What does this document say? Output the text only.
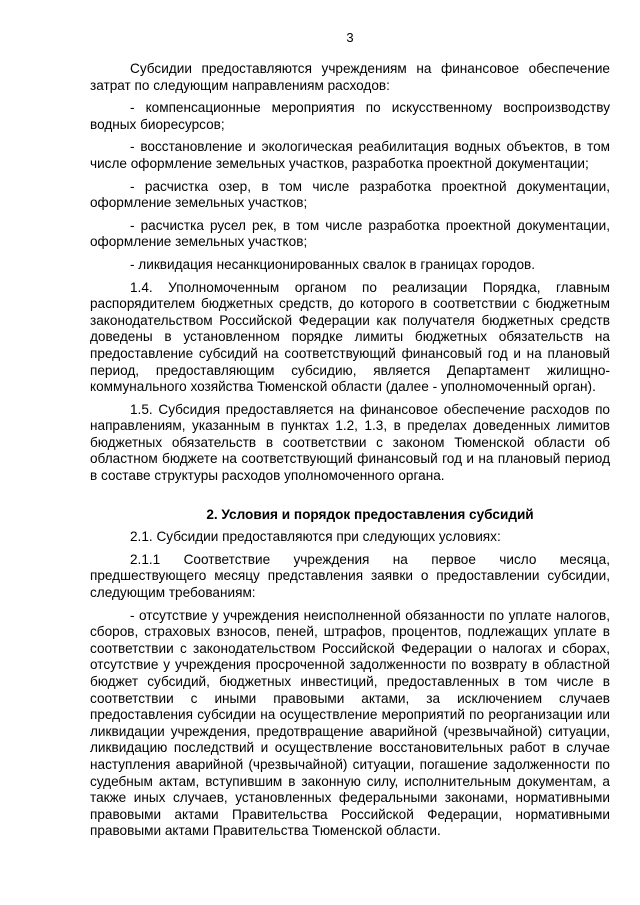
3

Субсидии предоставляются учреждениям на финансовое обеспечение затрат по следующим направлениям расходов:

- компенсационные мероприятия по искусственному воспроизводству водных биоресурсов;

- восстановление и экологическая реабилитация водных объектов, в том числе оформление земельных участков, разработка проектной документации;

- расчистка озер, в том числе разработка проектной документации, оформление земельных участков;

- расчистка русел рек, в том числе разработка проектной документации, оформление земельных участков;

- ликвидация несанкционированных свалок в границах городов.

1.4. Уполномоченным органом по реализации Порядка, главным распорядителем бюджетных средств, до которого в соответствии с бюджетным законодательством Российской Федерации как получателя бюджетных средств доведены в установленном порядке лимиты бюджетных обязательств на предоставление субсидий на соответствующий финансовый год и на плановый период, предоставляющим субсидию, является Департамент жилищно-коммунального хозяйства Тюменской области (далее - уполномоченный орган).

1.5. Субсидия предоставляется на финансовое обеспечение расходов по направлениям, указанным в пунктах 1.2, 1.3, в пределах доведенных лимитов бюджетных обязательств в соответствии с законом Тюменской области об областном бюджете на соответствующий финансовый год и на плановый период в составе структуры расходов уполномоченного органа.

2. Условия и порядок предоставления субсидий

2.1. Субсидии предоставляются при следующих условиях:

2.1.1 Соответствие учреждения на первое число месяца, предшествующего месяцу представления заявки о предоставлении субсидии, следующим требованиям:

- отсутствие у учреждения неисполненной обязанности по уплате налогов, сборов, страховых взносов, пеней, штрафов, процентов, подлежащих уплате в соответствии с законодательством Российской Федерации о налогах и сборах, отсутствие у учреждения просроченной задолженности по возврату в областной бюджет субсидий, бюджетных инвестиций, предоставленных в том числе в соответствии с иными правовыми актами, за исключением случаев предоставления субсидии на осуществление мероприятий по реорганизации или ликвидации учреждения, предотвращение аварийной (чрезвычайной) ситуации, ликвидацию последствий и осуществление восстановительных работ в случае наступления аварийной (чрезвычайной) ситуации, погашение задолженности по судебным актам, вступившим в законную силу, исполнительным документам, а также иных случаев, установленных федеральными законами, нормативными правовыми актами Правительства Российской Федерации, нормативными правовыми актами Правительства Тюменской области.
